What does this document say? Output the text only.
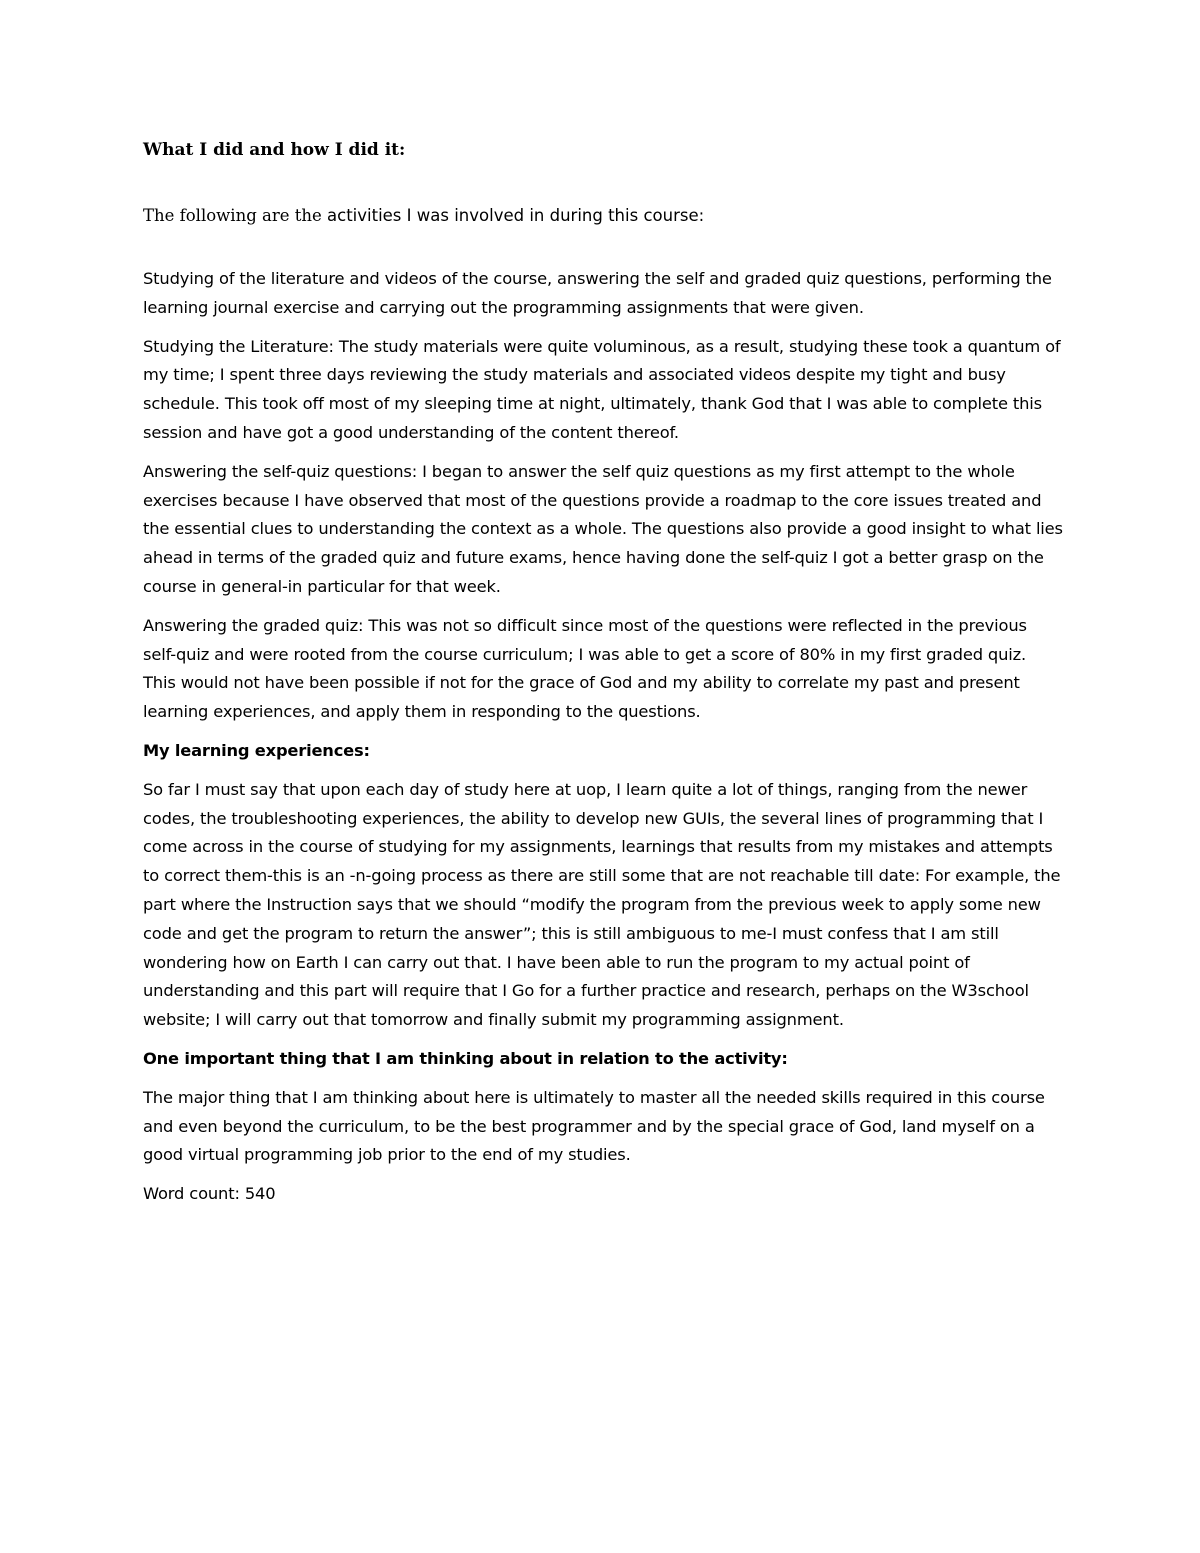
What I did and how I did it:

The following are the activities I was involved in during this course:

Studying of the literature and videos of the course, answering the self and graded quiz questions, performing the learning journal exercise and carrying out the programming assignments that were given.

Studying the Literature: The study materials were quite voluminous, as a result, studying these took a quantum of my time; I spent three days reviewing the study materials and associated videos despite my tight and busy schedule. This took off most of my sleeping time at night, ultimately, thank God that I was able to complete this session and have got a good understanding of the content thereof.

Answering the self-quiz questions: I began to answer the self quiz questions as my first attempt to the whole exercises because I have observed that most of the questions provide a roadmap to the core issues treated and the essential clues to understanding the context as a whole. The questions also provide a good insight to what lies ahead in terms of the graded quiz and future exams, hence having done the self-quiz I got a better grasp on the course in general-in particular for that week.

Answering the graded quiz: This was not so difficult since most of the questions were reflected in the previous self-quiz and were rooted from the course curriculum; I was able to get a score of 80% in my first graded quiz. This would not have been possible if not for the grace of God and my ability to correlate my past and present learning experiences, and apply them in responding to the questions.

My learning experiences:

So far I must say that upon each day of study here at uop, I learn quite a lot of things, ranging from the newer codes, the troubleshooting experiences, the ability to develop new GUIs, the several lines of programming that I come across in the course of studying for my assignments, learnings that results from my mistakes and attempts to correct them-this is an -n-going process as there are still some that are not reachable till date: For example, the part where the Instruction says that we should “modify the program from the previous week to apply some new code and get the program to return the answer”; this is still ambiguous to me-I must confess that I am still wondering how on Earth I can carry out that. I have been able to run the program to my actual point of understanding and this part will require that I Go for a further practice and research, perhaps on the W3school website; I will carry out that tomorrow and finally submit my programming assignment.

One important thing that I am thinking about in relation to the activity:

The major thing that I am thinking about here is ultimately to master all the needed skills required in this course and even beyond the curriculum, to be the best programmer and by the special grace of God, land myself on a good virtual programming job prior to the end of my studies.

Word count: 540
